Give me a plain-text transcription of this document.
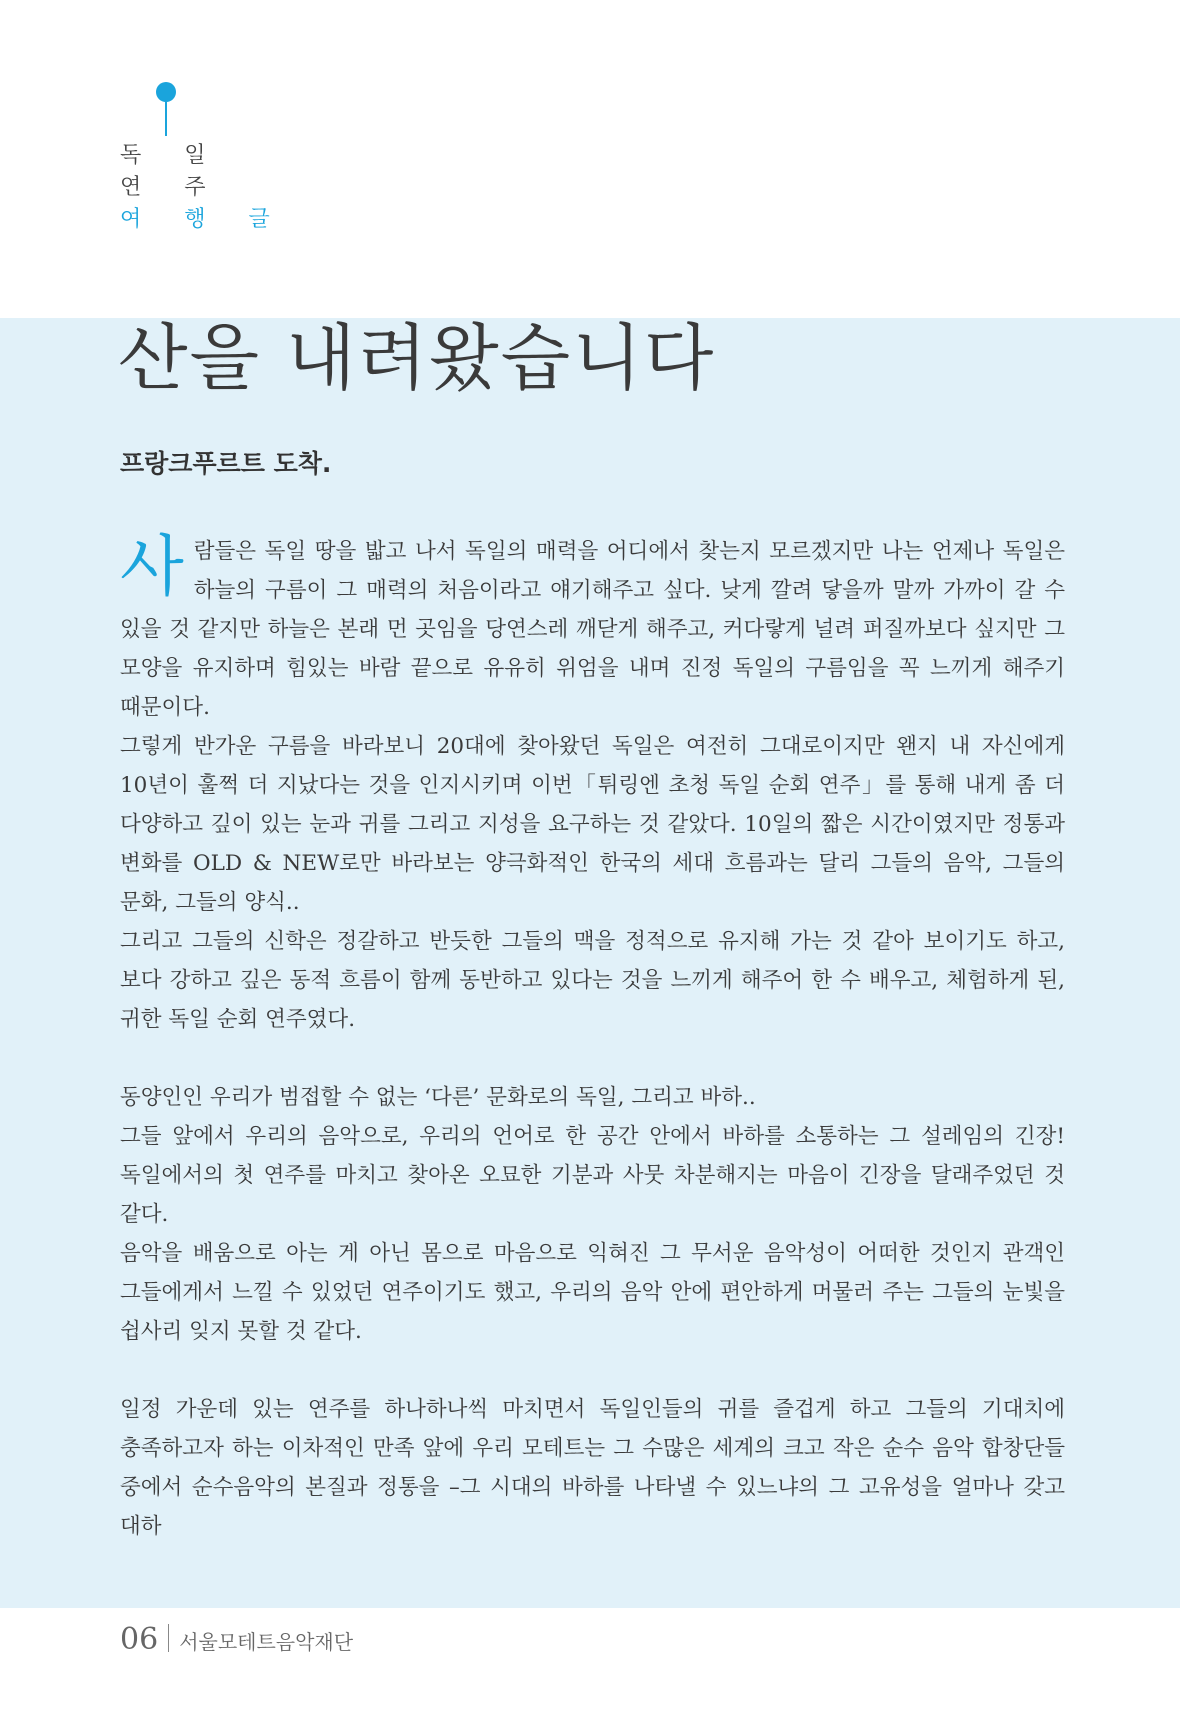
독 일
연 주
여 행 글
산을 내려왔습니다
프랑크푸르트 도착.

사람들은 독일 땅을 밟고 나서 독일의 매력을 어디에서 찾는지 모르겠지만 나는 언제나 독일은 하늘의 구름이 그 매력의 처음이라고 얘기해주고 싶다. 낮게 깔려 닿을까 말까 가까이 갈 수 있을 것 같지만 하늘은 본래 먼 곳임을 당연스레 깨닫게 해주고, 커다랗게 널려 퍼질까보다 싶지만 그 모양을 유지하며 힘있는 바람 끝으로 유유히 위엄을 내며 진정 독일의 구름임을 꼭 느끼게 해주기 때문이다.

그렇게 반가운 구름을 바라보니 20대에 찾아왔던 독일은 여전히 그대로이지만 왠지 내 자신에게 10년이 훌쩍 더 지났다는 것을 인지시키며 이번「튀링엔 초청 독일 순회 연주」를 통해 내게 좀 더 다양하고 깊이 있는 눈과 귀를 그리고 지성을 요구하는 것 같았다. 10일의 짧은 시간이였지만 정통과 변화를 OLD & NEW로만 바라보는 양극화적인 한국의 세대 흐름과는 달리 그들의 음악, 그들의 문화, 그들의 양식..

그리고 그들의 신학은 정갈하고 반듯한 그들의 맥을 정적으로 유지해 가는 것 같아 보이기도 하고, 보다 강하고 깊은 동적 흐름이 함께 동반하고 있다는 것을 느끼게 해주어 한 수 배우고, 체험하게 된, 귀한 독일 순회 연주였다.

동양인인 우리가 범접할 수 없는 ‘다른’ 문화로의 독일, 그리고 바하..

그들 앞에서 우리의 음악으로, 우리의 언어로 한 공간 안에서 바하를 소통하는 그 설레임의 긴장! 독일에서의 첫 연주를 마치고 찾아온 오묘한 기분과 사뭇 차분해지는 마음이 긴장을 달래주었던 것 같다.

음악을 배움으로 아는 게 아닌 몸으로 마음으로 익혀진 그 무서운 음악성이 어떠한 것인지 관객인 그들에게서 느낄 수 있었던 연주이기도 했고, 우리의 음악 안에 편안하게 머물러 주는 그들의 눈빛을 쉽사리 잊지 못할 것 같다.

일정 가운데 있는 연주를 하나하나씩 마치면서 독일인들의 귀를 즐겁게 하고 그들의 기대치에 충족하고자 하는 이차적인 만족 앞에 우리 모테트는 그 수많은 세계의 크고 작은 순수 음악 합창단들 중에서 순수음악의 본질과 정통을 –그 시대의 바하를 나타낼 수 있느냐의 그 고유성을 얼마나 갖고 대하

06 서울모테트음악재단
